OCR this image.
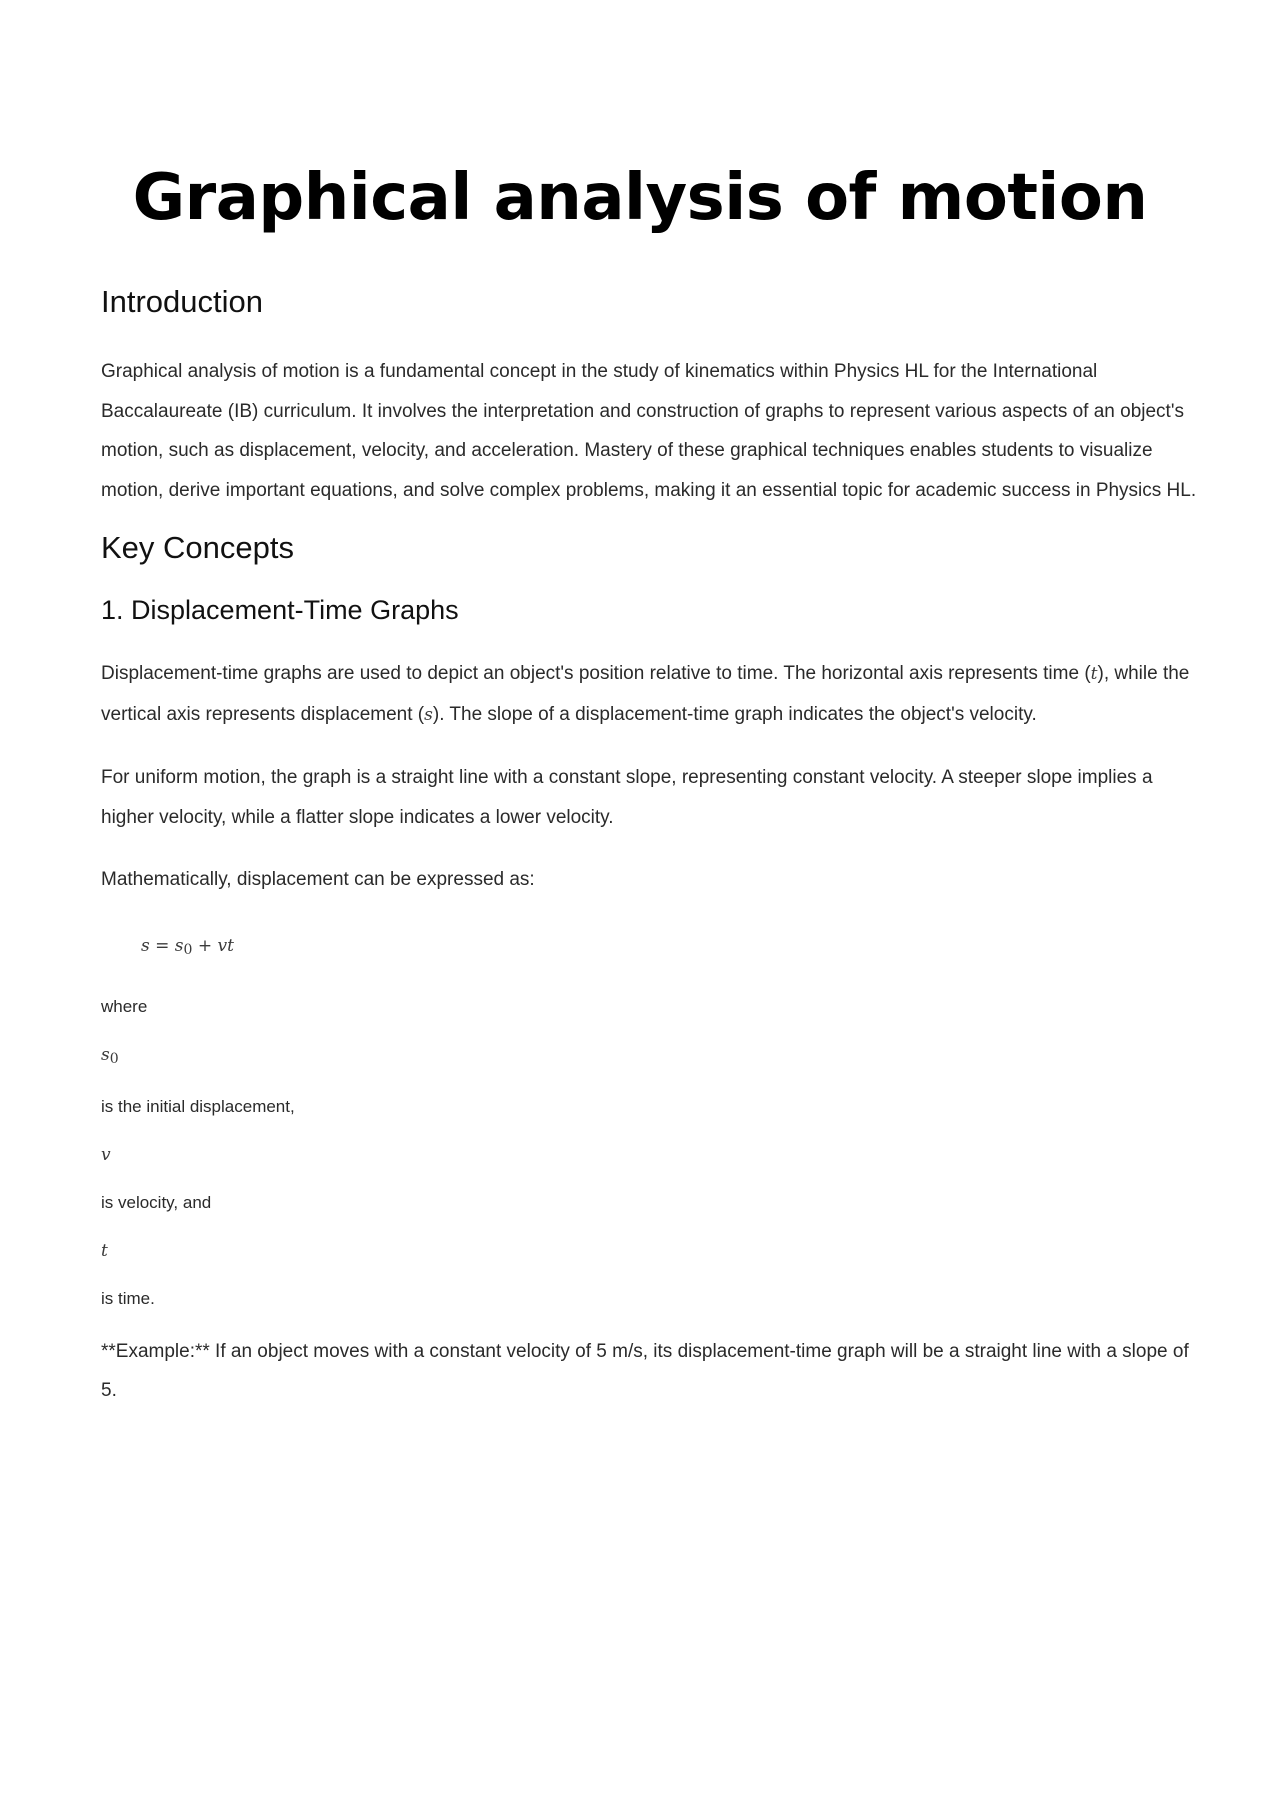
Graphical analysis of motion
Introduction

Graphical analysis of motion is a fundamental concept in the study of kinematics within Physics HL for the International Baccalaureate (IB) curriculum. It involves the interpretation and construction of graphs to represent various aspects of an object's motion, such as displacement, velocity, and acceleration. Mastery of these graphical techniques enables students to visualize motion, derive important equations, and solve complex problems, making it an essential topic for academic success in Physics HL.

Key Concepts
1. Displacement-Time Graphs

Displacement-time graphs are used to depict an object's position relative to time. The horizontal axis represents time (t), while the vertical axis represents displacement (s). The slope of a displacement-time graph indicates the object's velocity.

For uniform motion, the graph is a straight line with a constant slope, representing constant velocity. A steeper slope implies a higher velocity, while a flatter slope indicates a lower velocity.

Mathematically, displacement can be expressed as:

s = s0 + vt
where
s0
is the initial displacement,
v
is velocity, and
t
is time.

**Example:** If an object moves with a constant velocity of 5 m/s, its displacement-time graph will be a straight line with a slope of 5.
